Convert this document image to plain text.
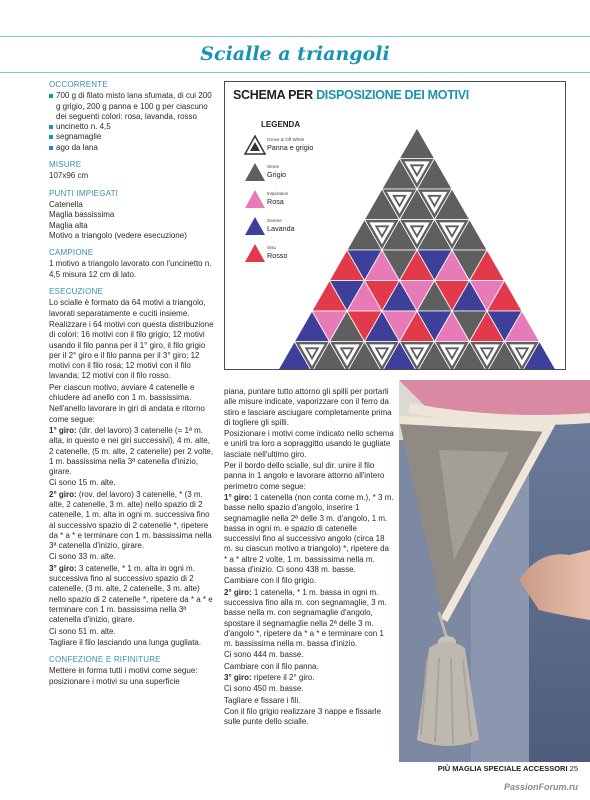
Scialle a triangoli
OCCORRENTE
700 g di filato misto lana sfumata, di cui 200 g grigio, 200 g panna e 100 g per ciascuno dei seguenti colori: rosa, lavanda, rosso
uncinetto n. 4,5
segnamaglie
ago da lana
MISURE
107x96 cm
PUNTI IMPIEGATI
Catenella
Maglia bassissima
Maglia alta
Motivo a triangolo (vedere esecuzione)
CAMPIONE
1 motivo a triangolo lavorato con l'uncinetto n. 4,5 misura 12 cm di lato.
ESECUZIONE

Lo scialle è formato da 64 motivi a triangolo, lavorati separatamente e cuciti insieme.

Realizzare i 64 motivi con questa distribuzione di colori: 16 motivi con il filo grigio; 12 motivi usando il filo panna per il 1° giro, il filo grigio per il 2° giro e il filo panna per il 3° giro; 12 motivi con il filo rosa; 12 motivi con il filo lavanda; 12 motivi con il filo rosso.

Per ciascun motivo, avviare 4 catenelle e chiudere ad anello con 1 m. bassissima.

Nell'anello lavorare in giri di andata e ritorno come segue:

1° giro: (dir. del lavoro) 3 catenelle (= 1ª m. alta, in questo e nei giri successivi), 4 m. alte, 2 catenelle, (5 m. alte, 2 catenelle) per 2 volte, 1 m. bassissima nella 3ª catenella d'inizio, girare.

Ci sono 15 m. alte.

2° giro: (rov. del lavoro) 3 catenelle, * (3 m. alte, 2 catenelle, 3 m. alte) nello spazio di 2 catenelle, 1 m. alta in ogni m. successiva fino al successivo spazio di 2 catenelle *, ripetere da * a * e terminare con 1 m. bassissima nella 3ª catenella d'inizio, girare.

Ci sono 33 m. alte.

3° giro: 3 catenelle, * 1 m. alta in ogni m. successiva fino al successivo spazio di 2 catenelle, (3 m. alte, 2 catenelle, 3 m. alte) nello spazio di 2 catenelle *, ripetere da * a * e terminare con 1 m. bassissima nella 3ª catenella d'inizio, girare.

Ci sono 51 m. alte.

Tagliare il filo lasciando una lunga gugliata.

CONFEZIONE E RIFINITURE

Mettere in forma tutti i motivi come segue: posizionare i motivi su una superficie

SCHEMA PER DISPOSIZIONE DEI MOTIVI
LEGENDA
Grove & Off White
Panna e grigio
Stone
Grigio
Inspiration
Rosa
Serene
Lavanda
Sisu
Rosso

piana, puntare tutto attorno gli spilli per portarli alle misure indicate, vaporizzare con il ferro da stiro e lasciare asciugare completamente prima di togliere gli spilli.

Posizionare i motivi come indicato nello schema e unirli tra loro a sopraggitto usando le gugliate lasciate nell'ultimo giro.

Per il bordo dello scialle, sul dir. unire il filo panna in 1 angolo e lavorare attorno all'intero perimetro come segue:

1° giro: 1 catenella (non conta come m.), * 3 m. basse nello spazio d'angolo, inserire 1 segnamaglie nella 2ª delle 3 m. d'angolo, 1 m. bassa in ogni m. e spazio di catenelle successivi fino al successivo angolo (circa 18 m. su ciascun motivo a triangolo) *, ripetere da * a * altre 2 volte, 1 m. bassissima nella m. bassa d'inizio. Ci sono 438 m. basse.

Cambiare con il filo grigio.

2° giro: 1 catenella, * 1 m. bassa in ogni m. successiva fino alla m. con segnamaglie, 3 m. basse nella m. con segnamaglie d'angolo, spostare il segnamaglie nella 2ª delle 3 m. d'angolo *, ripetere da * a * e terminare con 1 m. bassissima nella m. bassa d'inizio.

Ci sono 444 m. basse.

Cambiare con il filo panna.

3° giro: ripetere il 2° giro.

Ci sono 450 m. basse.

Tagliare e fissare i fili.

Con il filo grigio realizzare 3 nappe e fissarle sulle punte dello scialle.

PIÙ MAGLIA SPECIALE ACCESSORI 25
PassionForum.ru
